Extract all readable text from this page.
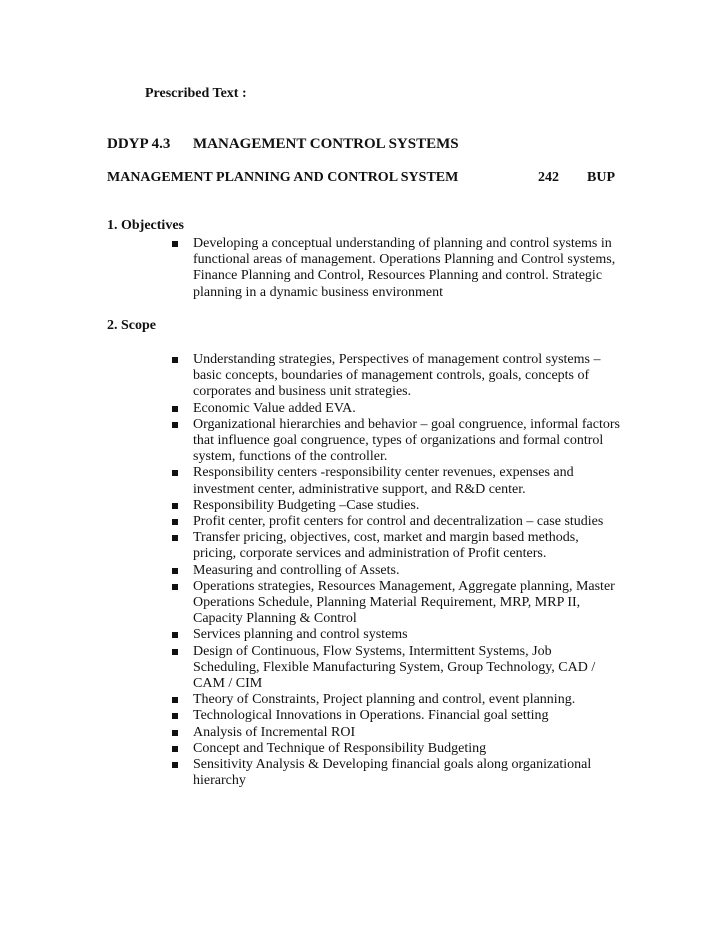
Prescribed Text :
DDYP 4.3 MANAGEMENT CONTROL SYSTEMS
MANAGEMENT PLANNING AND CONTROL SYSTEM	242 BUP
1. Objectives
Developing a conceptual understanding of planning and control systems in functional areas of management. Operations Planning and Control systems, Finance Planning and Control, Resources Planning and control. Strategic planning in a dynamic business environment
2. Scope
Understanding strategies, Perspectives of management control systems – basic concepts, boundaries of management controls, goals, concepts of corporates and business unit strategies.
Economic Value added EVA.
Organizational hierarchies and behavior – goal congruence, informal factors that influence goal congruence, types of organizations and formal control system, functions of the controller.
Responsibility centers -responsibility center revenues, expenses and investment center, administrative support, and R&D center.
Responsibility Budgeting –Case studies.
Profit center, profit centers for control and decentralization – case studies
Transfer pricing, objectives, cost, market and margin based methods, pricing, corporate services and administration of Profit centers.
Measuring and controlling of Assets.
Operations strategies, Resources Management, Aggregate planning, Master Operations Schedule, Planning Material Requirement, MRP, MRP II, Capacity Planning & Control
Services planning and control systems
Design of Continuous, Flow Systems, Intermittent Systems, Job Scheduling, Flexible Manufacturing System, Group Technology, CAD / CAM / CIM
Theory of Constraints, Project planning and control, event planning.
Technological Innovations in Operations. Financial goal setting
Analysis of Incremental ROI
Concept and Technique of Responsibility Budgeting
Sensitivity Analysis & Developing financial goals along organizational hierarchy
